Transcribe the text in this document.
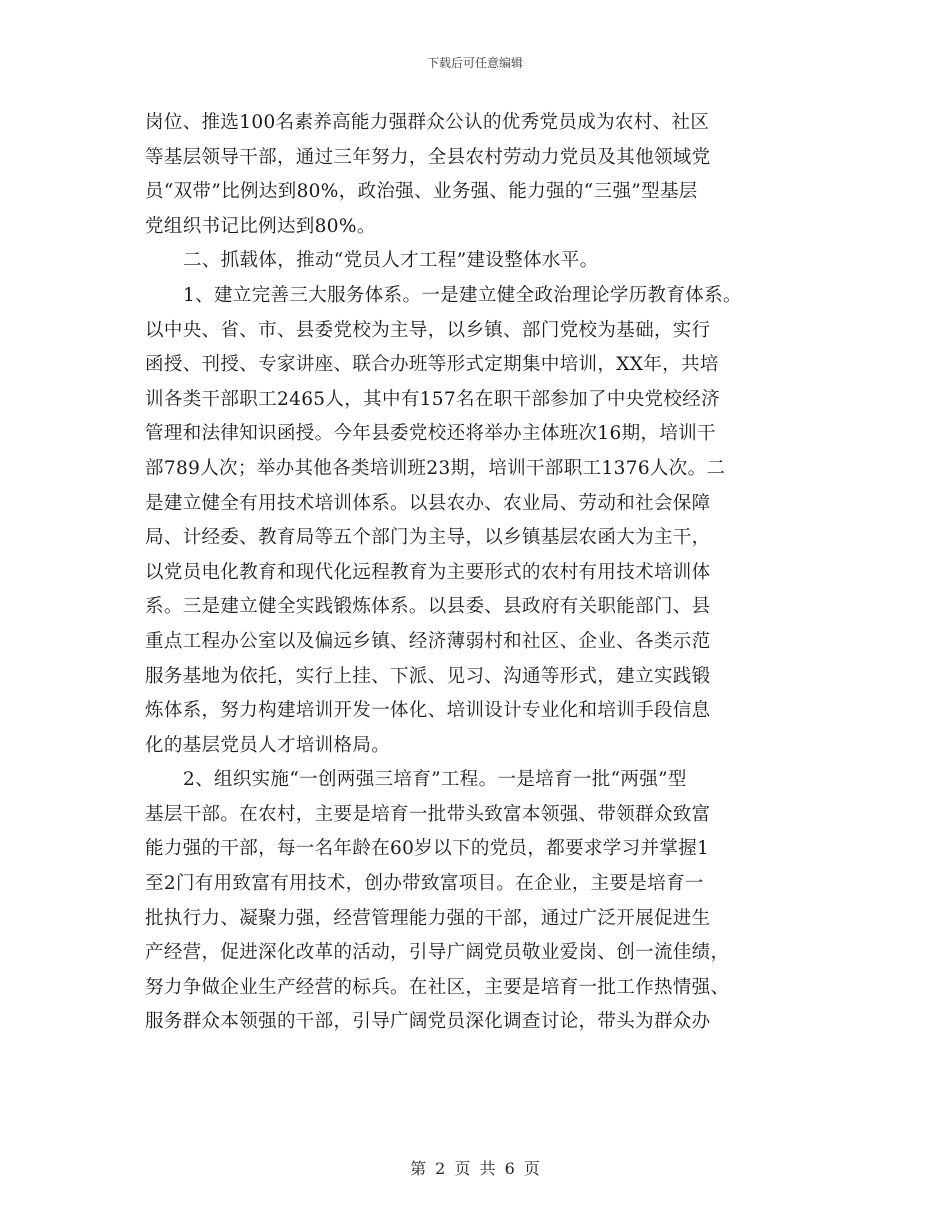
下载后可任意编辑
岗位、推选100名素养高能力强群众公认的优秀党员成为农村、社区
等基层领导干部，通过三年努力，全县农村劳动力党员及其他领域党
员“双带”比例达到80%，政治强、业务强、能力强的“三强”型基层
党组织书记比例达到80%。
二、抓载体，推动“党员人才工程”建设整体水平。
1、建立完善三大服务体系。一是建立健全政治理论学历教育体系。
以中央、省、市、县委党校为主导，以乡镇、部门党校为基础，实行
函授、刊授、专家讲座、联合办班等形式定期集中培训，XX年，共培
训各类干部职工2465人，其中有157名在职干部参加了中央党校经济
管理和法律知识函授。今年县委党校还将举办主体班次16期，培训干
部789人次；举办其他各类培训班23期，培训干部职工1376人次。二
是建立健全有用技术培训体系。以县农办、农业局、劳动和社会保障
局、计经委、教育局等五个部门为主导，以乡镇基层农函大为主干，
以党员电化教育和现代化远程教育为主要形式的农村有用技术培训体
系。三是建立健全实践锻炼体系。以县委、县政府有关职能部门、县
重点工程办公室以及偏远乡镇、经济薄弱村和社区、企业、各类示范
服务基地为依托，实行上挂、下派、见习、沟通等形式，建立实践锻
炼体系，努力构建培训开发一体化、培训设计专业化和培训手段信息
化的基层党员人才培训格局。
2、组织实施“一创两强三培育”工程。一是培育一批“两强”型
基层干部。在农村，主要是培育一批带头致富本领强、带领群众致富
能力强的干部，每一名年龄在60岁以下的党员，都要求学习并掌握1
至2门有用致富有用技术，创办带致富项目。在企业，主要是培育一
批执行力、凝聚力强，经营管理能力强的干部，通过广泛开展促进生
产经营，促进深化改革的活动，引导广阔党员敬业爱岗、创一流佳绩，
努力争做企业生产经营的标兵。在社区，主要是培育一批工作热情强、
服务群众本领强的干部，引导广阔党员深化调查讨论，带头为群众办
第 2 页 共 6 页
